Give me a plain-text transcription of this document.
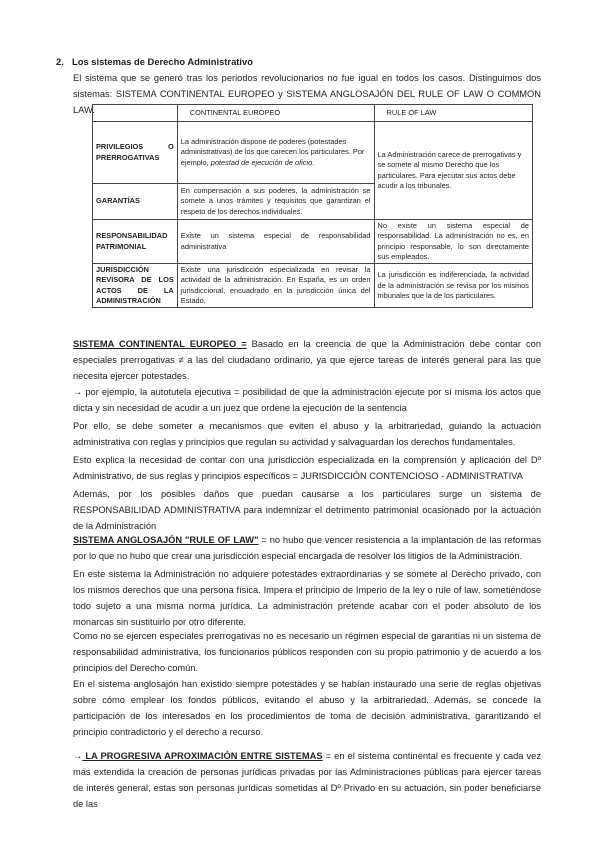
2. Los sistemas de Derecho Administrativo
El sistema que se generó tras los periodos revolucionarios no fue igual en todos los casos. Distinguimos dos sistemas: SISTEMA CONTINENTAL EUROPEO y SISTEMA ANGLOSAJÓN DEL RULE OF LAW O COMMON LAW.
		CONTINENTAL EUROPEO	RULE OF LAW

PRIVILEGIOS O
PRERROGATIVAS	La administración dispone de poderes (potestades administrativas) de los que carecen los particulares. Por ejemplo, potestad de ejecución de oficio.	La Administración carece de prerrogativas y se somete al mismo Derecho que los particulares. Para ejecutar sus actos debe acudir a los tribunales.
GARANTÍAS	En compensación a sus poderes, la administración se somete a unos trámites y requisitos que garantizan el respeto de los derechos individuales.	
RESPONSABILIDAD PATRIMONIAL	Existe un sistema especial de responsabilidad administrativa	No existe un sistema especial de responsabilidad. La administración no es, en principio responsable, lo son directamente sus empleados.

JURISDICCIÓN
REVISORA DE LOS
ACTOS DE LA
ADMINISTRACIÓN	Existe una jurisdicción especializada en revisar la actividad de la administración. En España, es un orden jurisdiccional, encuadrado en la jurisdicción única del Estado.	La jurisdicción es indiferenciada, la actividad de la administración se revisa por los mismos tribunales que la de los particulares.
SISTEMA CONTINENTAL EUROPEO = Basado en la creencia de que la Administración debe contar con especiales prerrogativas ≠ a las del ciudadano ordinario, ya que ejerce tareas de interés general para las que necesita ejercer potestades.
→ por ejemplo, la autotutela ejecutiva = posibilidad de que la administración ejecute por sí misma los actos que dicta y sin necesidad de acudir a un juez que ordene la ejecución de la sentencia
Por ello, se debe someter a mecanismos que eviten el abuso y la arbitrariedad, guiando la actuación administrativa con reglas y principios que regulan su actividad y salvaguardan los derechos fundamentales.
Esto explica la necesidad de contar con una jurisdicción especializada en la comprensión y aplicación del Dº Administrativo, de sus reglas y principios específicos = JURISDICCIÓN CONTENCIOSO - ADMINISTRATIVA
Además, por los posibles daños que puedan causarse a los particulares surge un sistema de RESPONSABILIDAD ADMINISTRATIVA para indemnizar el detrimento patrimonial ocasionado por la actuación de la Administración
SISTEMA ANGLOSAJÓN "RULE OF LAW" = no hubo que vencer resistencia a la implantación de las reformas por lo que no hubo que crear una jurisdicción especial encargada de resolver los litigios de la Administración.
En este sistema la Administración no adquiere potestades extraordinarias y se somete al Derecho privado, con los mismos derechos que una persona física. Impera el principio de Imperio de la ley o rule of law, sometiéndose todo sujeto a una misma norma jurídica. La administración pretende acabar con el poder absoluto de los monarcas sin sustituirlo por otro diferente.
Como no se ejercen especiales prerrogativas no es necesario un régimen especial de garantías ni un sistema de responsabilidad administrativa, los funcionarios públicos responden con su propio patrimonio y de acuerdo a los principios del Derecho común.
En el sistema anglosajón han existido siempre potestades y se habían instaurado una serie de reglas objetivas sobre cómo emplear los fondos públicos, evitando el abuso y la arbitrariedad. Además, se concede la participación de los interesados en los procedimientos de toma de decisión administrativa, garantizando el principio contradictorio y el derecho a recurso.
→ LA PROGRESIVA APROXIMACIÓN ENTRE SISTEMAS = en el sistema continental es frecuente y cada vez más extendida la creación de personas jurídicas privadas por las Administraciones públicas para ejercer tareas de interés general, estas son personas jurídicas sometidas al Dº Privado en su actuación, sin poder beneficiarse de las
